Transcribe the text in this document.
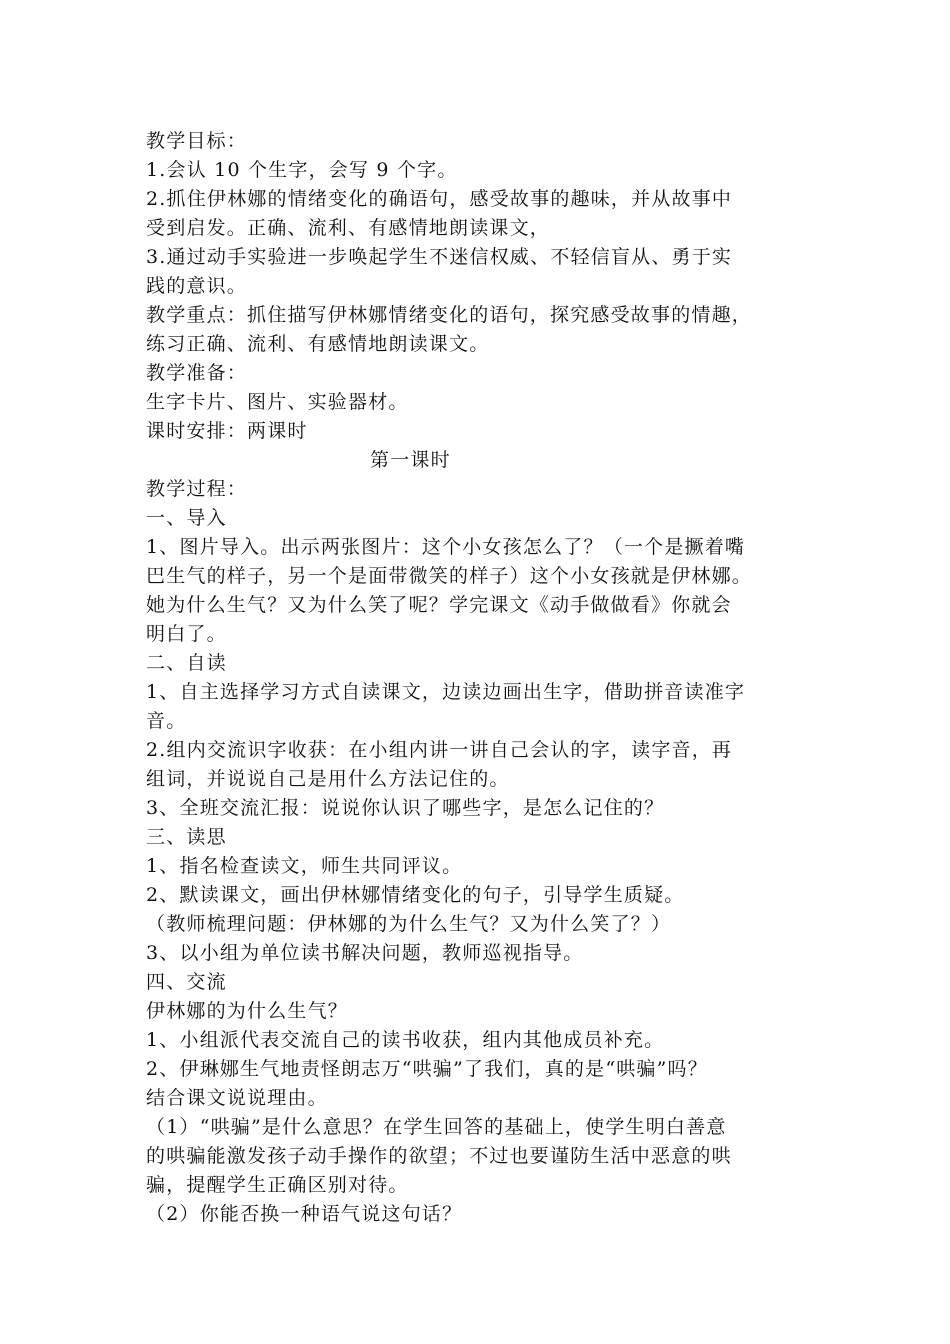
教学目标：
1.会认 10 个生字，会写 9 个字。
2.抓住伊林娜的情绪变化的确语句，感受故事的趣味，并从故事中
受到启发。正确、流利、有感情地朗读课文，
3.通过动手实验进一步唤起学生不迷信权威、不轻信盲从、勇于实
践的意识。
教学重点：抓住描写伊林娜情绪变化的语句，探究感受故事的情趣，
练习正确、流利、有感情地朗读课文。
教学准备：
生字卡片、图片、实验器材。
课时安排：两课时
第一课时
教学过程：
一、导入
1、图片导入。出示两张图片：这个小女孩怎么了？（一个是撅着嘴
巴生气的样子，另一个是面带微笑的样子）这个小女孩就是伊林娜。
她为什么生气？又为什么笑了呢？学完课文《动手做做看》你就会
明白了。
二、自读
1、自主选择学习方式自读课文，边读边画出生字，借助拼音读准字
音。
2.组内交流识字收获：在小组内讲一讲自己会认的字，读字音，再
组词，并说说自己是用什么方法记住的。
3、全班交流汇报：说说你认识了哪些字，是怎么记住的？
三、读思
1、指名检查读文，师生共同评议。
2、默读课文，画出伊林娜情绪变化的句子，引导学生质疑。
（教师梳理问题：伊林娜的为什么生气？又为什么笑了？）
3、以小组为单位读书解决问题，教师巡视指导。
四、交流
伊林娜的为什么生气？
1、小组派代表交流自己的读书收获，组内其他成员补充。
2、伊琳娜生气地责怪朗志万“哄骗”了我们，真的是“哄骗”吗？
结合课文说说理由。
（1）“哄骗”是什么意思？在学生回答的基础上，使学生明白善意
的哄骗能激发孩子动手操作的欲望；不过也要谨防生活中恶意的哄
骗，提醒学生正确区别对待。
（2）你能否换一种语气说这句话？
